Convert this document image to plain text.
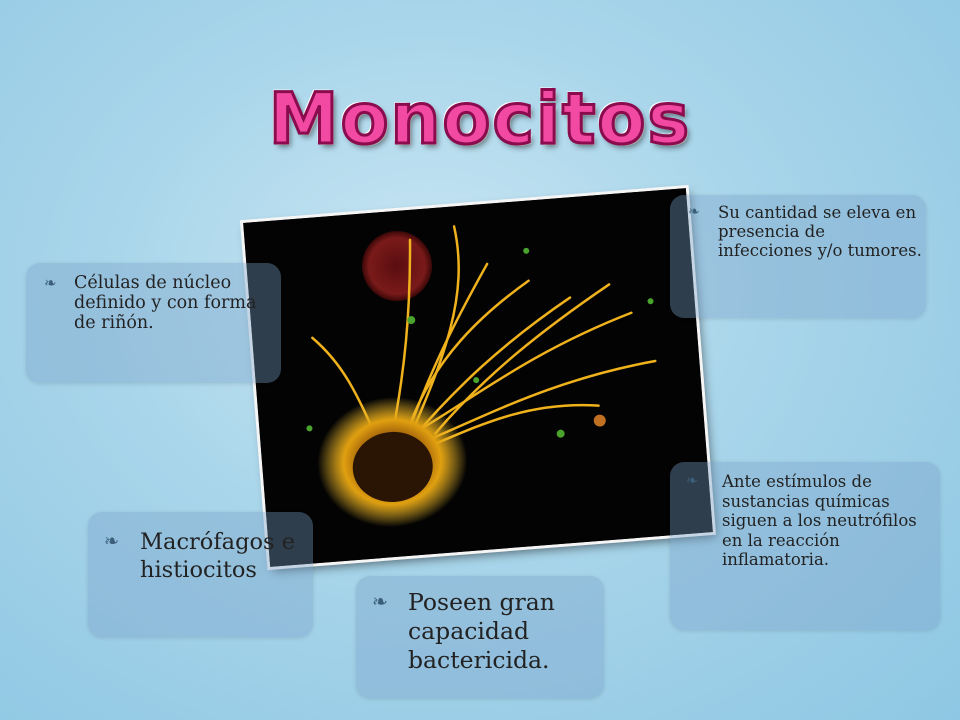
Monocitos
❧ Células de núcleo definido y con forma de riñón.
❧	Su cantidad se eleva en presencia de infecciones y/o tumores.
❧ Macrófagos e histiocitos
❧	Ante estímulos de sustancias químicas siguen a los neutrófilos en la reacción inflamatoria.
❧ Poseen gran capacidad bactericida.
